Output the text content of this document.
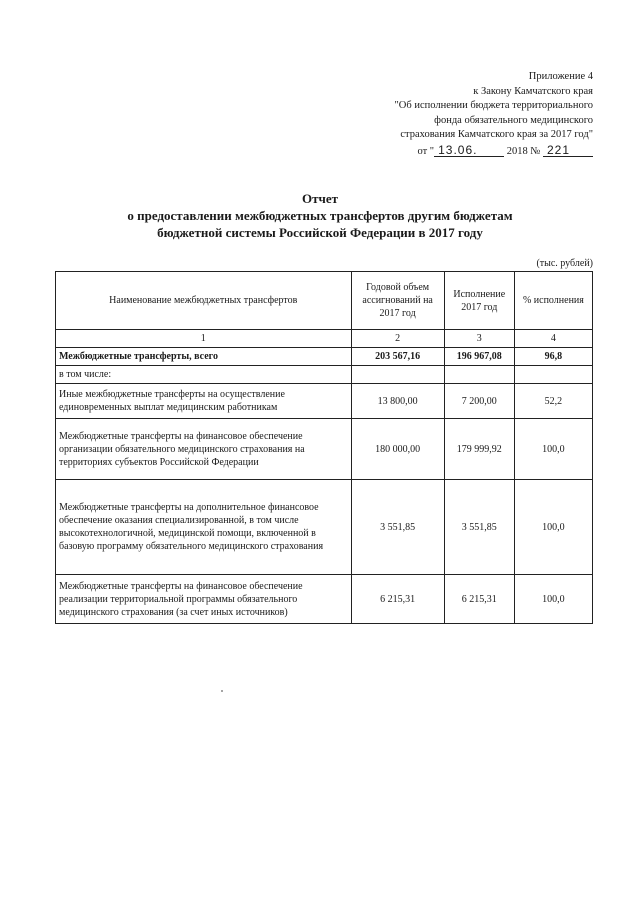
Приложение 4
к Закону Камчатского края
"Об исполнении бюджета территориального
фонда обязательного медицинского
страхования Камчатского края за 2017 год"
от " 13.06.	2018 № 221
Отчет
о предоставлении межбюджетных трансфертов другим бюджетам
бюджетной системы Российской Федерации в 2017 году
(тыс. рублей)
Наименование межбюджетных трансфертов	Годовой объем ассигнований на 2017 год	Исполнение 2017 год	% исполнения
1	2	3	4
Межбюджетные трансферты, всего	203 567,16	196 967,08	96,8
в том числе:			
Иные межбюджетные трансферты на осуществление единовременных выплат медицинским работникам	13 800,00	7 200,00	52,2
Межбюджетные трансферты на финансовое обеспечение организации обязательного медицинского страхования на территориях субъектов Российской Федерации	180 000,00	179 999,92	100,0
Межбюджетные трансферты на дополнительное финансовое обеспечение оказания специализированной, в том числе высокотехнологичной, медицинской помощи, включенной в базовую программу обязательного медицинского страхования	3 551,85	3 551,85	100,0
Межбюджетные трансферты на финансовое обеспечение реализации территориальной программы обязательного медицинского страхования (за счет иных источников)	6 215,31	6 215,31	100,0
